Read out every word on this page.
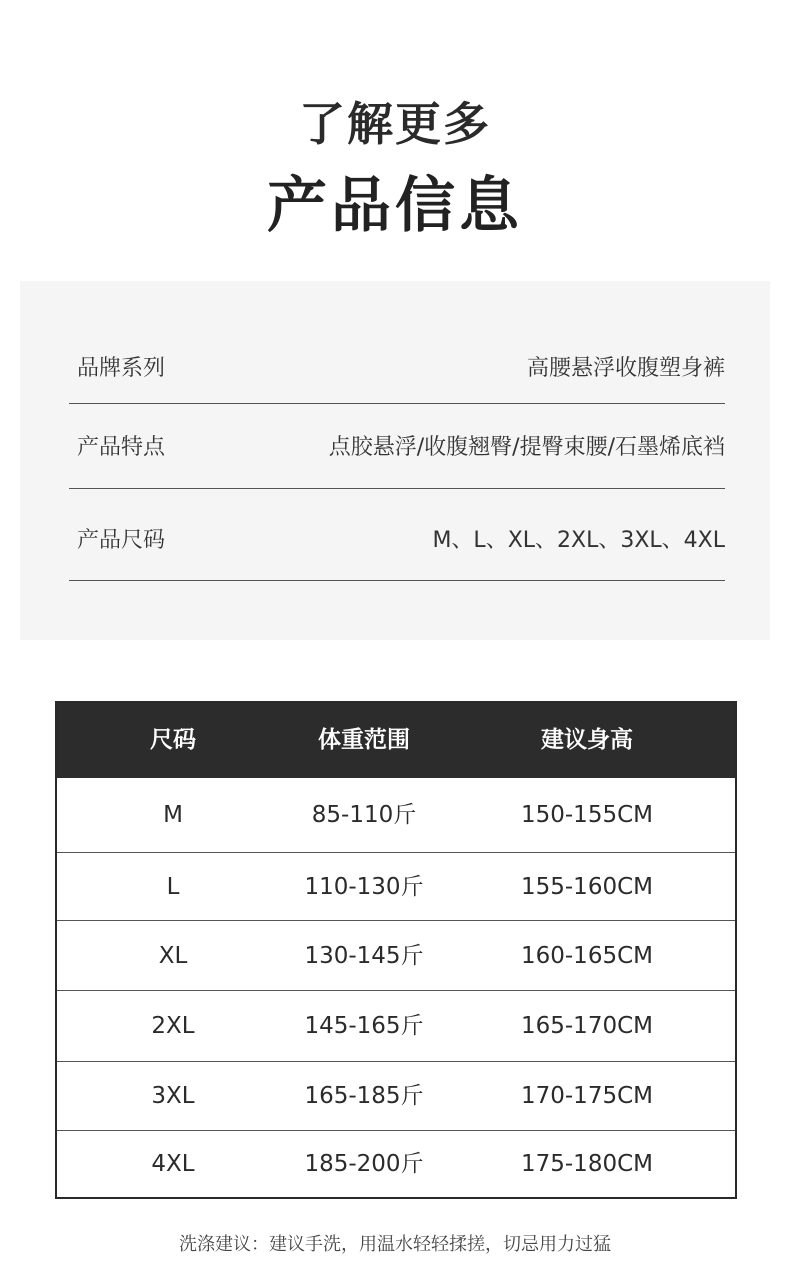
了解更多
产品信息
品牌系列	高腰悬浮收腹塑身裤
产品特点	点胶悬浮/收腹翘臀/提臀束腰/石墨烯底裆
产品尺码	M、L、XL、2XL、3XL、4XL
尺码	体重范围	建议身高
M	85-110斤	150-155CM
L	110-130斤	155-160CM
XL	130-145斤	160-165CM
2XL	145-165斤	165-170CM
3XL	165-185斤	170-175CM
4XL	185-200斤	175-180CM
洗涤建议：建议手洗，用温水轻轻揉搓，切忌用力过猛
